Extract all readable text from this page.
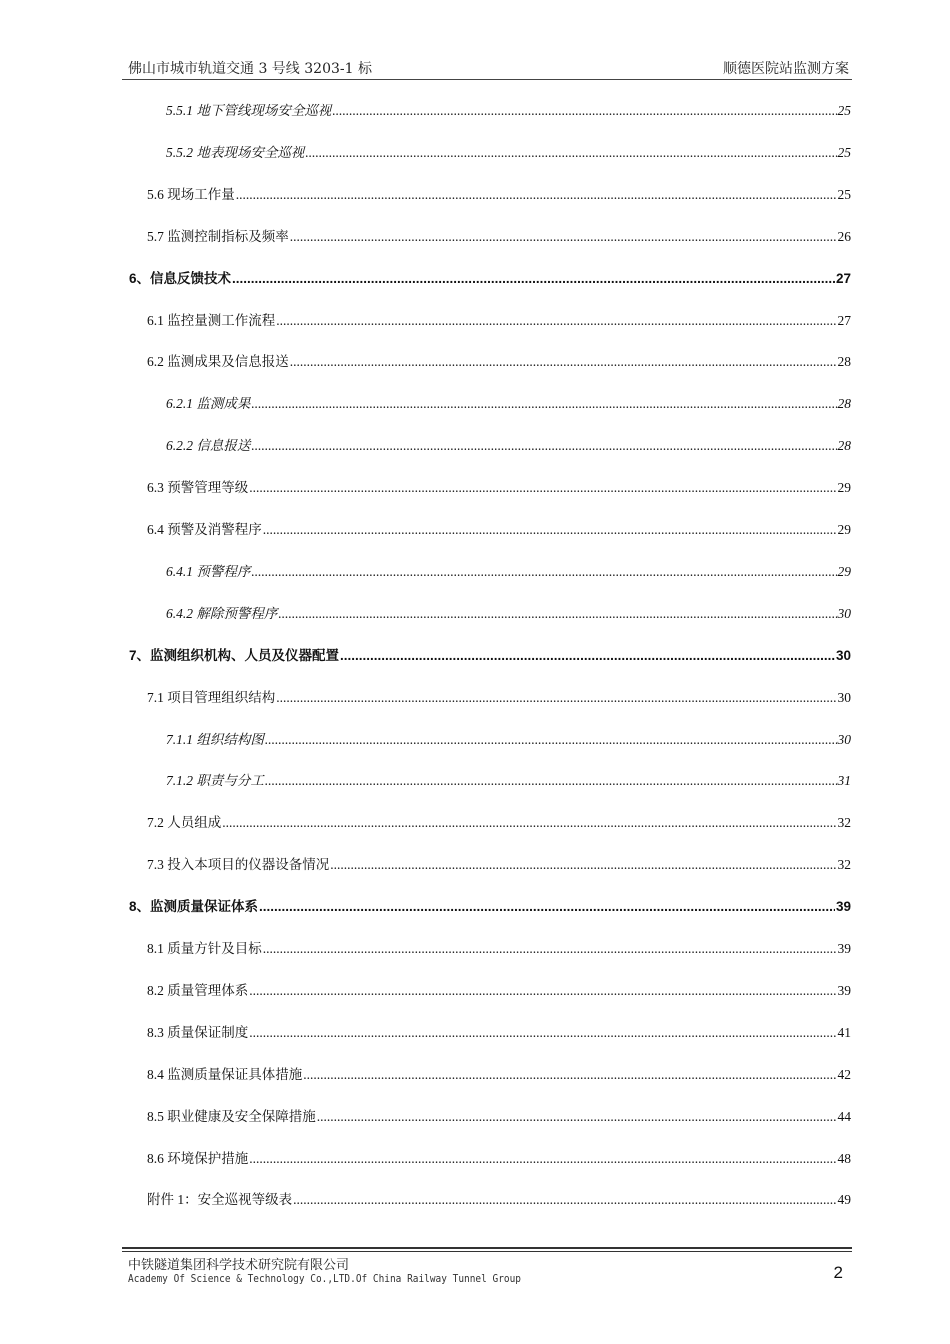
佛山市城市轨道交通 3 号线 3203-1 标	顺德医院站监测方案
5.5.1 地下管线现场安全巡视 .....	25
5.5.2 地表现场安全巡视 .....	25
5.6 现场工作量 .....	25
5.7 监测控制指标及频率 .....	26
6、信息反馈技术 .....	27
6.1 监控量测工作流程 .....	27
6.2 监测成果及信息报送 .....	28
6.2.1 监测成果 .....	28
6.2.2 信息报送 .....	28
6.3 预警管理等级 .....	29
6.4 预警及消警程序 .....	29
6.4.1 预警程序 .....	29
6.4.2 解除预警程序 .....	30
7、监测组织机构、人员及仪器配置 .....	30
7.1 项目管理组织结构 .....	30
7.1.1 组织结构图 .....	30
7.1.2 职责与分工 .....	31
7.2 人员组成 .....	32
7.3 投入本项目的仪器设备情况 .....	32
8、监测质量保证体系 .....	39
8.1 质量方针及目标 .....	39
8.2 质量管理体系 .....	39
8.3 质量保证制度 .....	41
8.4 监测质量保证具体措施 .....	42
8.5 职业健康及安全保障措施 .....	44
8.6 环境保护措施 .....	48
附件 1：安全巡视等级表 .....	49
中铁隧道集团科学技术研究院有限公司
Academy Of Science & Technology Co.,LTD.Of China Railway Tunnel Group	2
